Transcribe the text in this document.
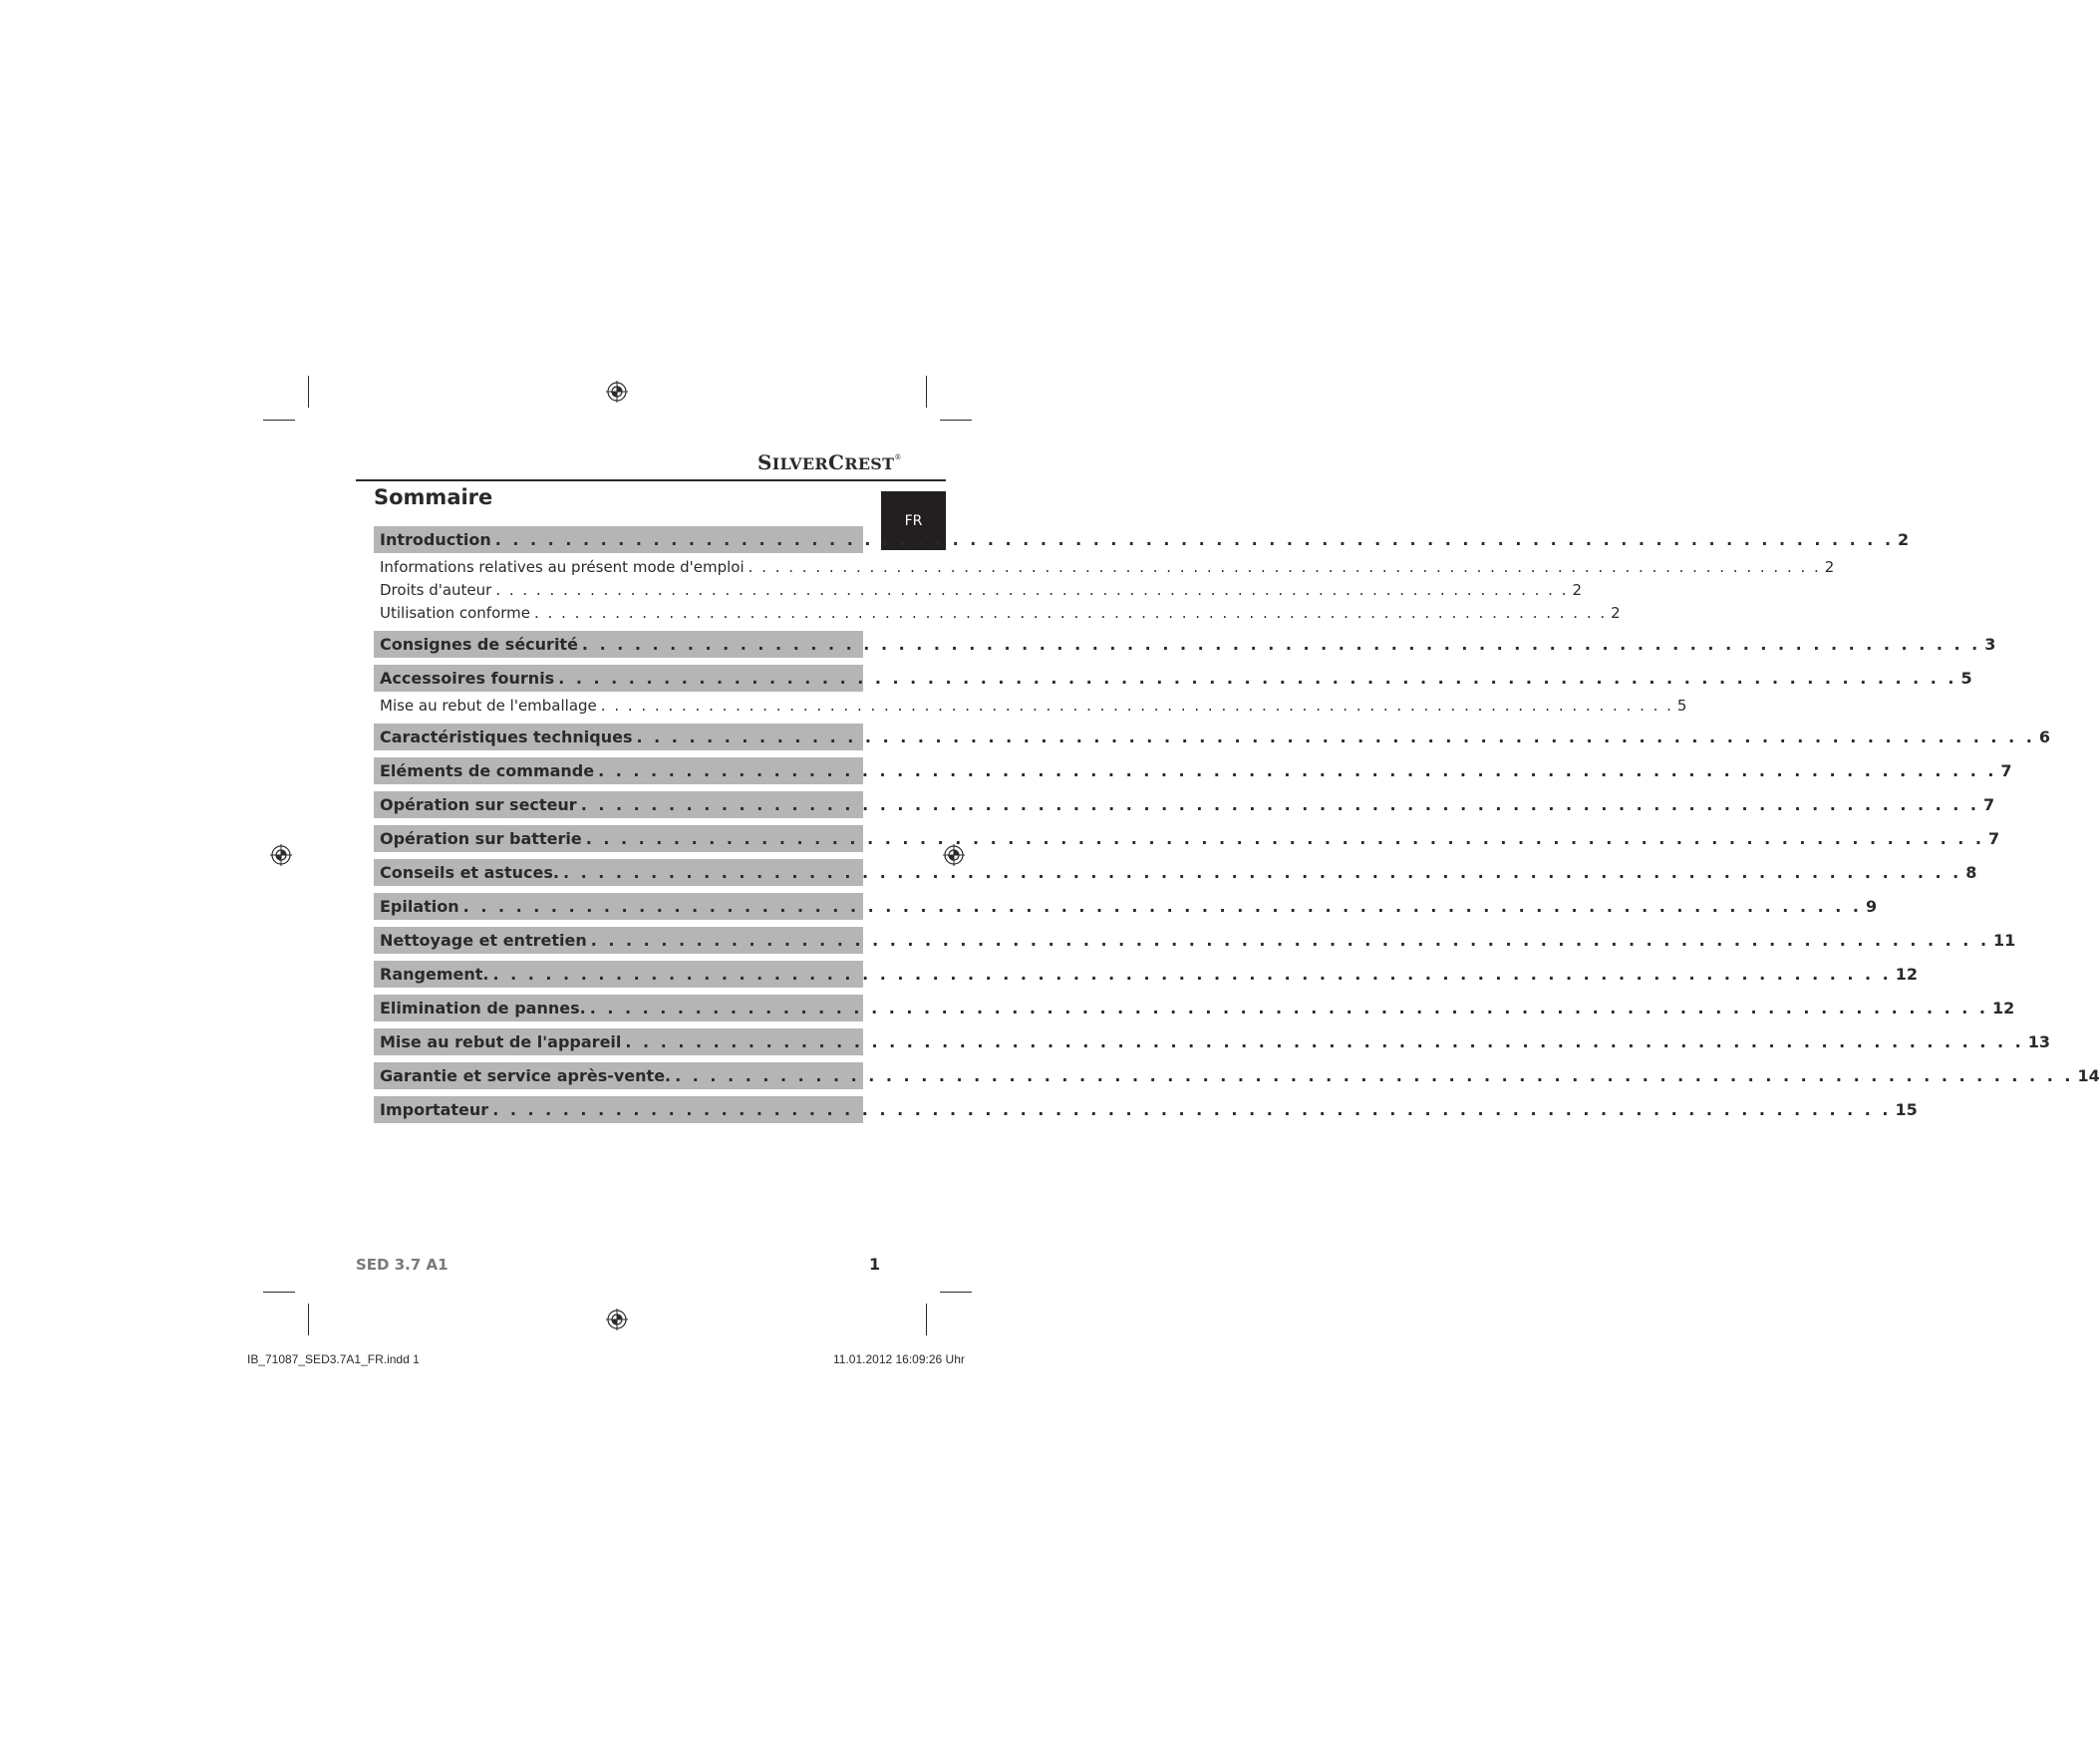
SILVERCREST®
FR
Sommaire
Introduction . . . . . . . . . . . . . . . . . . . . . . . . . . . . . . . . . . . . . . . . . . . . . . . . . . . . . . . . . . . . . . . . . . . . . . . . . . . . . . . . 2
Informations relatives au présent mode d'emploi . . . . . . . . . . . . . . . . . . . . . . . . . . . . . . . . . . . . . . . . . . . . . . . . . . . . . . . . . . . . . . . . . . . . . . . . . . . . . . . . 2
Droits d'auteur . . . . . . . . . . . . . . . . . . . . . . . . . . . . . . . . . . . . . . . . . . . . . . . . . . . . . . . . . . . . . . . . . . . . . . . . . . . . . . . . 2
Utilisation conforme . . . . . . . . . . . . . . . . . . . . . . . . . . . . . . . . . . . . . . . . . . . . . . . . . . . . . . . . . . . . . . . . . . . . . . . . . . . . . . . . 2
Consignes de sécurité . . . . . . . . . . . . . . . . . . . . . . . . . . . . . . . . . . . . . . . . . . . . . . . . . . . . . . . . . . . . . . . . . . . . . . . . . . . . . . . . 3
Accessoires fournis . . . . . . . . . . . . . . . . . . . . . . . . . . . . . . . . . . . . . . . . . . . . . . . . . . . . . . . . . . . . . . . . . . . . . . . . . . . . . . . . 5
Mise au rebut de l'emballage . . . . . . . . . . . . . . . . . . . . . . . . . . . . . . . . . . . . . . . . . . . . . . . . . . . . . . . . . . . . . . . . . . . . . . . . . . . . . . . . 5
Caractéristiques techniques . . . . . . . . . . . . . . . . . . . . . . . . . . . . . . . . . . . . . . . . . . . . . . . . . . . . . . . . . . . . . . . . . . . . . . . . . . . . . . . . 6
Eléments de commande . . . . . . . . . . . . . . . . . . . . . . . . . . . . . . . . . . . . . . . . . . . . . . . . . . . . . . . . . . . . . . . . . . . . . . . . . . . . . . . . 7
Opération sur secteur . . . . . . . . . . . . . . . . . . . . . . . . . . . . . . . . . . . . . . . . . . . . . . . . . . . . . . . . . . . . . . . . . . . . . . . . . . . . . . . . 7
Opération sur batterie . . . . . . . . . . . . . . . . . . . . . . . . . . . . . . . . . . . . . . . . . . . . . . . . . . . . . . . . . . . . . . . . . . . . . . . . . . . . . . . . 7
Conseils et astuces. . . . . . . . . . . . . . . . . . . . . . . . . . . . . . . . . . . . . . . . . . . . . . . . . . . . . . . . . . . . . . . . . . . . . . . . . . . . . . . . . 8
Epilation . . . . . . . . . . . . . . . . . . . . . . . . . . . . . . . . . . . . . . . . . . . . . . . . . . . . . . . . . . . . . . . . . . . . . . . . . . . . . . . . 9
Nettoyage et entretien . . . . . . . . . . . . . . . . . . . . . . . . . . . . . . . . . . . . . . . . . . . . . . . . . . . . . . . . . . . . . . . . . . . . . . . . . . . . . . . . 11
Rangement. . . . . . . . . . . . . . . . . . . . . . . . . . . . . . . . . . . . . . . . . . . . . . . . . . . . . . . . . . . . . . . . . . . . . . . . . . . . . . . . . 12
Elimination de pannes. . . . . . . . . . . . . . . . . . . . . . . . . . . . . . . . . . . . . . . . . . . . . . . . . . . . . . . . . . . . . . . . . . . . . . . . . . . . . . . . . 12
Mise au rebut de l'appareil . . . . . . . . . . . . . . . . . . . . . . . . . . . . . . . . . . . . . . . . . . . . . . . . . . . . . . . . . . . . . . . . . . . . . . . . . . . . . . . . 13
Garantie et service après-vente. . . . . . . . . . . . . . . . . . . . . . . . . . . . . . . . . . . . . . . . . . . . . . . . . . . . . . . . . . . . . . . . . . . . . . . . . . . . . . . . . 14
Importateur . . . . . . . . . . . . . . . . . . . . . . . . . . . . . . . . . . . . . . . . . . . . . . . . . . . . . . . . . . . . . . . . . . . . . . . . . . . . . . . . 15
SED 3.7 A1	1
IB_71087_SED3.7A1_FR.indd 1	11.01.2012 16:09:26 Uhr
